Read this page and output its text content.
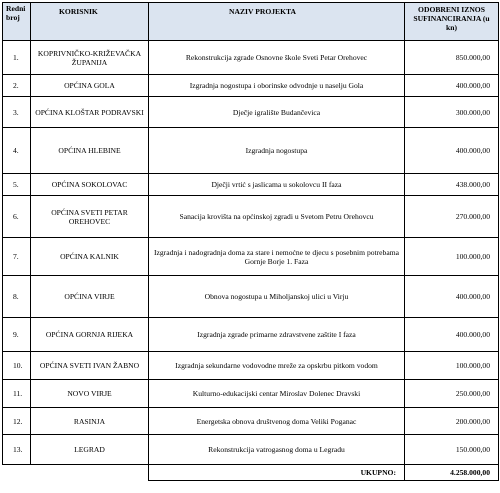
Redni broj	KORISNIK	NAZIV PROJEKTA	ODOBRENI IZNOS SUFINANCIRANJA (u kn)
1.	KOPRIVNIČKO-KRIŽEVAČKA ŽUPANIJA	Rekonstrukcija zgrade Osnovne škole Sveti Petar Orehovec	850.000,00
2.	OPĆINA GOLA	Izgradnja nogostupa i oborinske odvodnje u naselju Gola	400.000,00
3.	OPĆINA KLOŠTAR PODRAVSKI	Dječje igralište Budančevica	300.000,00
4.	OPĆINA HLEBINE	Izgradnja nogostupa	400.000,00
5.	OPĆINA SOKOLOVAC	Dječji vrtić s jaslicama u sokolovcu II faza	438.000,00
6.	OPĆINA SVETI PETAR OREHOVEC	Sanacija krovišta na općinskoj zgradi u Svetom Petru Orehovcu	270.000,00
7.	OPĆINA KALNIK	Izgradnja i nadogradnja doma za stare i nemoćne te djecu s posebnim potrebama Gornje Borje 1. Faza	100.000,00
8.	OPĆINA VIRJE	Obnova nogostupa u Miholjanskoj ulici u Virju	400.000,00
9.	OPĆINA GORNJA RIJEKA	Izgradnja zgrade primarne zdravstvene zaštite I faza	400.000,00
10.	OPĆINA SVETI IVAN ŽABNO	Izgradnja sekundarne vodovodne mreže za opskrbu pitkom vodom	100.000,00
11.	NOVO VIRJE	Kulturno-edukacijski centar Miroslav Dolenec Dravski	250.000,00
12.	RASINJA	Energetska obnova društvenog doma Veliki Poganac	200.000,00
13.	LEGRAD	Rekonstrukcija vatrogasnog doma u Legradu	150.000,00
		UKUPNO:	4.258.000,00
